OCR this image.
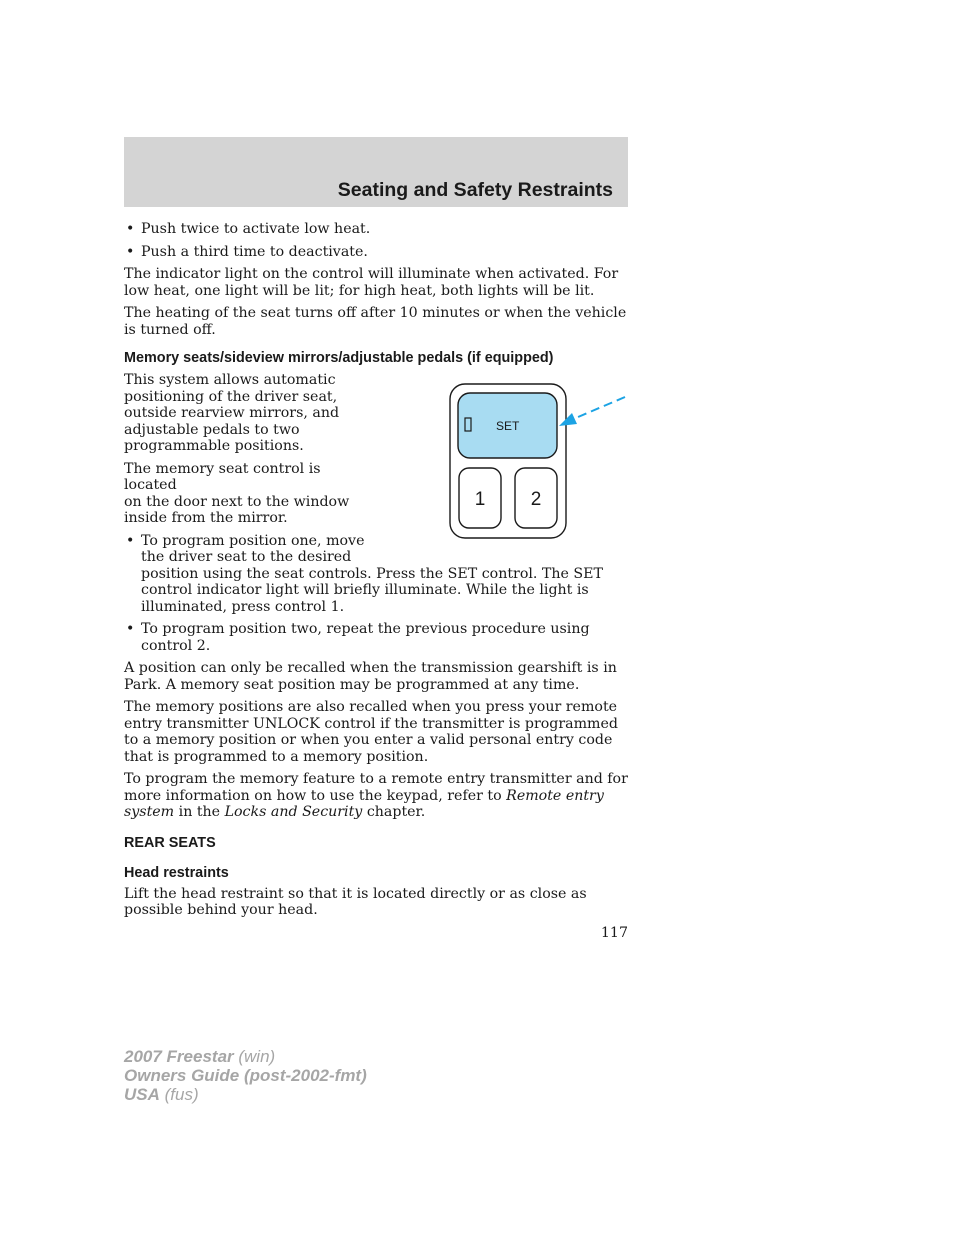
Seating and Safety Restraints
• Push twice to activate low heat.
• Push a third time to deactivate.

The indicator light on the control will illuminate when activated. For low heat, one light will be lit; for high heat, both lights will be lit.

The heating of the seat turns off after 10 minutes or when the vehicle is turned off.

Memory seats/sideview mirrors/adjustable pedals (if equipped)

This system allows automatic
positioning of the driver seat,
outside rearview mirrors, and
adjustable pedals to two
programmable positions.

The memory seat control is located
on the door next to the window
inside from the mirror.

• To program position one, move
the driver seat to the desired
position using the seat controls. Press the SET control. The SET control indicator light will briefly illuminate. While the light is illuminated, press control 1.
• To program position two, repeat the previous procedure using control 2.

A position can only be recalled when the transmission gearshift is in Park. A memory seat position may be programmed at any time.

The memory positions are also recalled when you press your remote entry transmitter UNLOCK control if the transmitter is programmed to a memory position or when you enter a valid personal entry code that is programmed to a memory position.

To program the memory feature to a remote entry transmitter and for more information on how to use the keypad, refer to Remote entry system in the Locks and Security chapter.

REAR SEATS
Head restraints

Lift the head restraint so that it is located directly or as close as possible behind your head.

SET
1 2
117
2007 Freestar (win)
Owners Guide (post-2002-fmt)
USA (fus)
